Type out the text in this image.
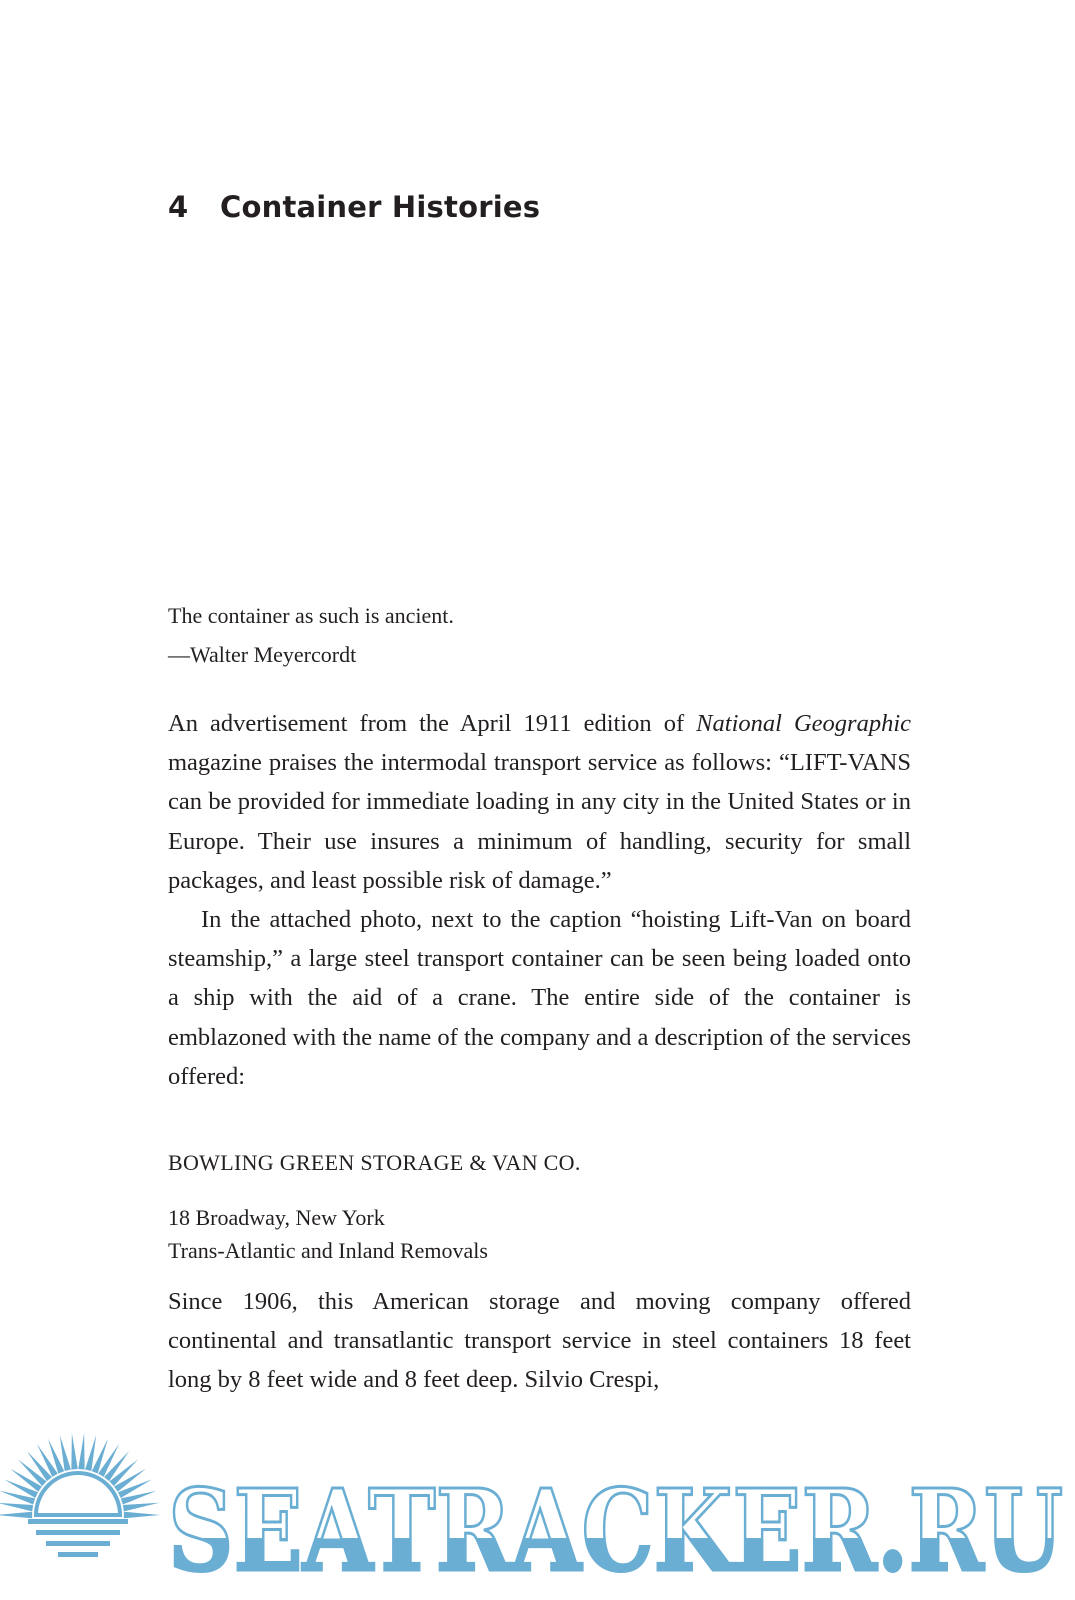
4 Container Histories

The container as such is ancient.

—Walter Meyercordt

An advertisement from the April 1911 edition of National Geographic magazine praises the intermodal transport service as follows: “LIFT-VANS can be provided for immediate loading in any city in the United States or in Europe. Their use insures a minimum of handling, security for small packages, and least possible risk of damage.”

In the attached photo, next to the caption “hoisting Lift-Van on board steamship,” a large steel transport container can be seen being loaded onto a ship with the aid of a crane. The entire side of the container is emblazoned with the name of the company and a description of the services offered:

BOWLING GREEN STORAGE & VAN CO.
18 Broadway, New York
Trans-Atlantic and Inland Removals

Since 1906, this American storage and moving company offered continental and transatlantic transport service in steel containers 18 feet long by 8 feet wide and 8 feet deep. Silvio Crespi,

SEATRACKER.RU
